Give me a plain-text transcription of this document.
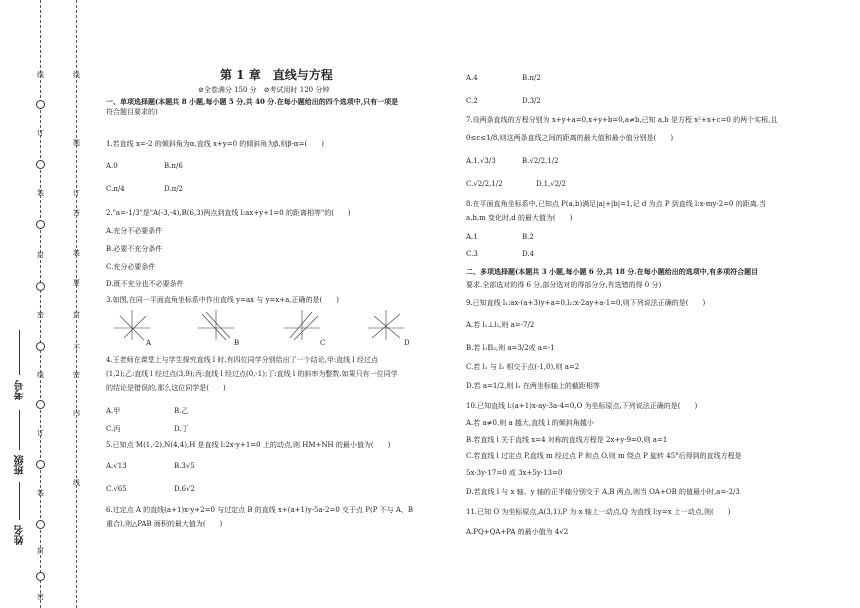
线
订
装
封
密
线
订
装
封
密
线
题
订
答
装
要
封
不
密
内
线
考号
班级
姓名
第 1 章　直线与方程
⊘全卷满分 150 分　⊘考试用时 120 分钟
一、单项选择题(本题共 8 小题,每小题 5 分,共 40 分.在每小题给出的四个选项中,只有一项是
符合题目要求的)
1.若直线 x=-2 的倾斜角为α,直线 x+y=0 的倾斜角为β,则β-α=(　　)
A.0	B.π/6
C.π/4	D.π/2
2."a=-1/3"是"A(-3,-4),B(6,3)两点到直线 l:ax+y+1=0 的距离相等"的(　　)
A.充分不必要条件
B.必要不充分条件
C.充分必要条件
D.既不充分也不必要条件
3.如图,在同一平面直角坐标系中作出直线 y=ax 与 y=x+a,正确的是(　　)
A	B	C	D
4.王老师在课堂上与学生探究直线 l 时,有四位同学分别给出了一个结论,甲:直线 l 经过点
(1,2);乙:直线 l 经过点(3,9);丙:直线 l 经过点(0,-1);丁:直线 l 的斜率为整数.如果只有一位同学
的结论是错误的,那么这位同学是(　　)
A.甲	B.乙
C.丙	D.丁
5.已知点 M(1,-2),N(4,4),H 是直线 l:2x-y+1=0 上的动点,则 HM+NH 的最小值为(　　)
A.√13	B.3√5
C.√65	D.6√2
6.过定点 A 的直线(a+1)x-y+2=0 与过定点 B 的直线 x+(a+1)y-5a-2=0 交于点 P(P 不与 A、B
重合),则△PAB 面积的最大值为(　　)
A.4	B.π/2
C.2	D.3/2
7.设两条直线的方程分别为 x+y+a=0,x+y+b=0,a≠b,已知 a,b 是方程 x²+x+c=0 的两个实根,且
0≤c≤1/8,则这两条直线之间的距离的最大值和最小值分别是(　　)
A.1,√3/3	B.√2/2,1/2
C.√2/2,1/2	D.1,√2/2
8.在平面直角坐标系中,已知点 P(a,b)满足|a|+|b|=1,记 d 为点 P 到直线 l:x-my-2=0 的距离.当
a,b,m 变化时,d 的最大值为(　　)
A.1	B.2
C.3	D.4
二、多项选择题(本题共 3 小题,每小题 6 分,共 18 分.在每小题给出的选项中,有多项符合题目
要求.全部选对的得 6 分,部分选对的得部分分,有选错的得 0 分)
9.已知直线 l₁:ax-(a+3)y+a=0,l₂:x-2ay+a-1=0,则下列说法正确的是(　　)
A.若 l₁⊥l₂,则 a=-7/2
B.若 l₁∥l₂,则 a=3/2或 a=-1
C.若 l₁ 与 l₂ 相交于点(-1,0),则 a=2
D.若 a=1/2,则 l₁ 在两坐标轴上的截距相等
10.已知直线 l:(a+1)x-ay-3a-4=0,O 为坐标原点,下列说法正确的是(　　)
A.若 a≠0,则 a 越大,直线 l 的倾斜角越小
B.若直线 l 关于直线 x=4 对称的直线方程是 2x+y-9=0,则 a=1
C.若直线 l 过定点 P,直线 m 经过点 P 和点 O,则 m 绕点 P 旋转 45°后得到的直线方程是
5x-3y-17=0 或 3x+5y-13=0
D.若直线 l 与 x 轴、y 轴的正半轴分别交于 A,B 两点,则当 OA+OB 的值最小时,a=-2/3
11.已知 O 为坐标原点,A(3,1),P 为 x 轴上一动点,Q 为直线 l:y=x 上一动点,则(　　)
A.PQ+QA+PA 的最小值为 4√2
